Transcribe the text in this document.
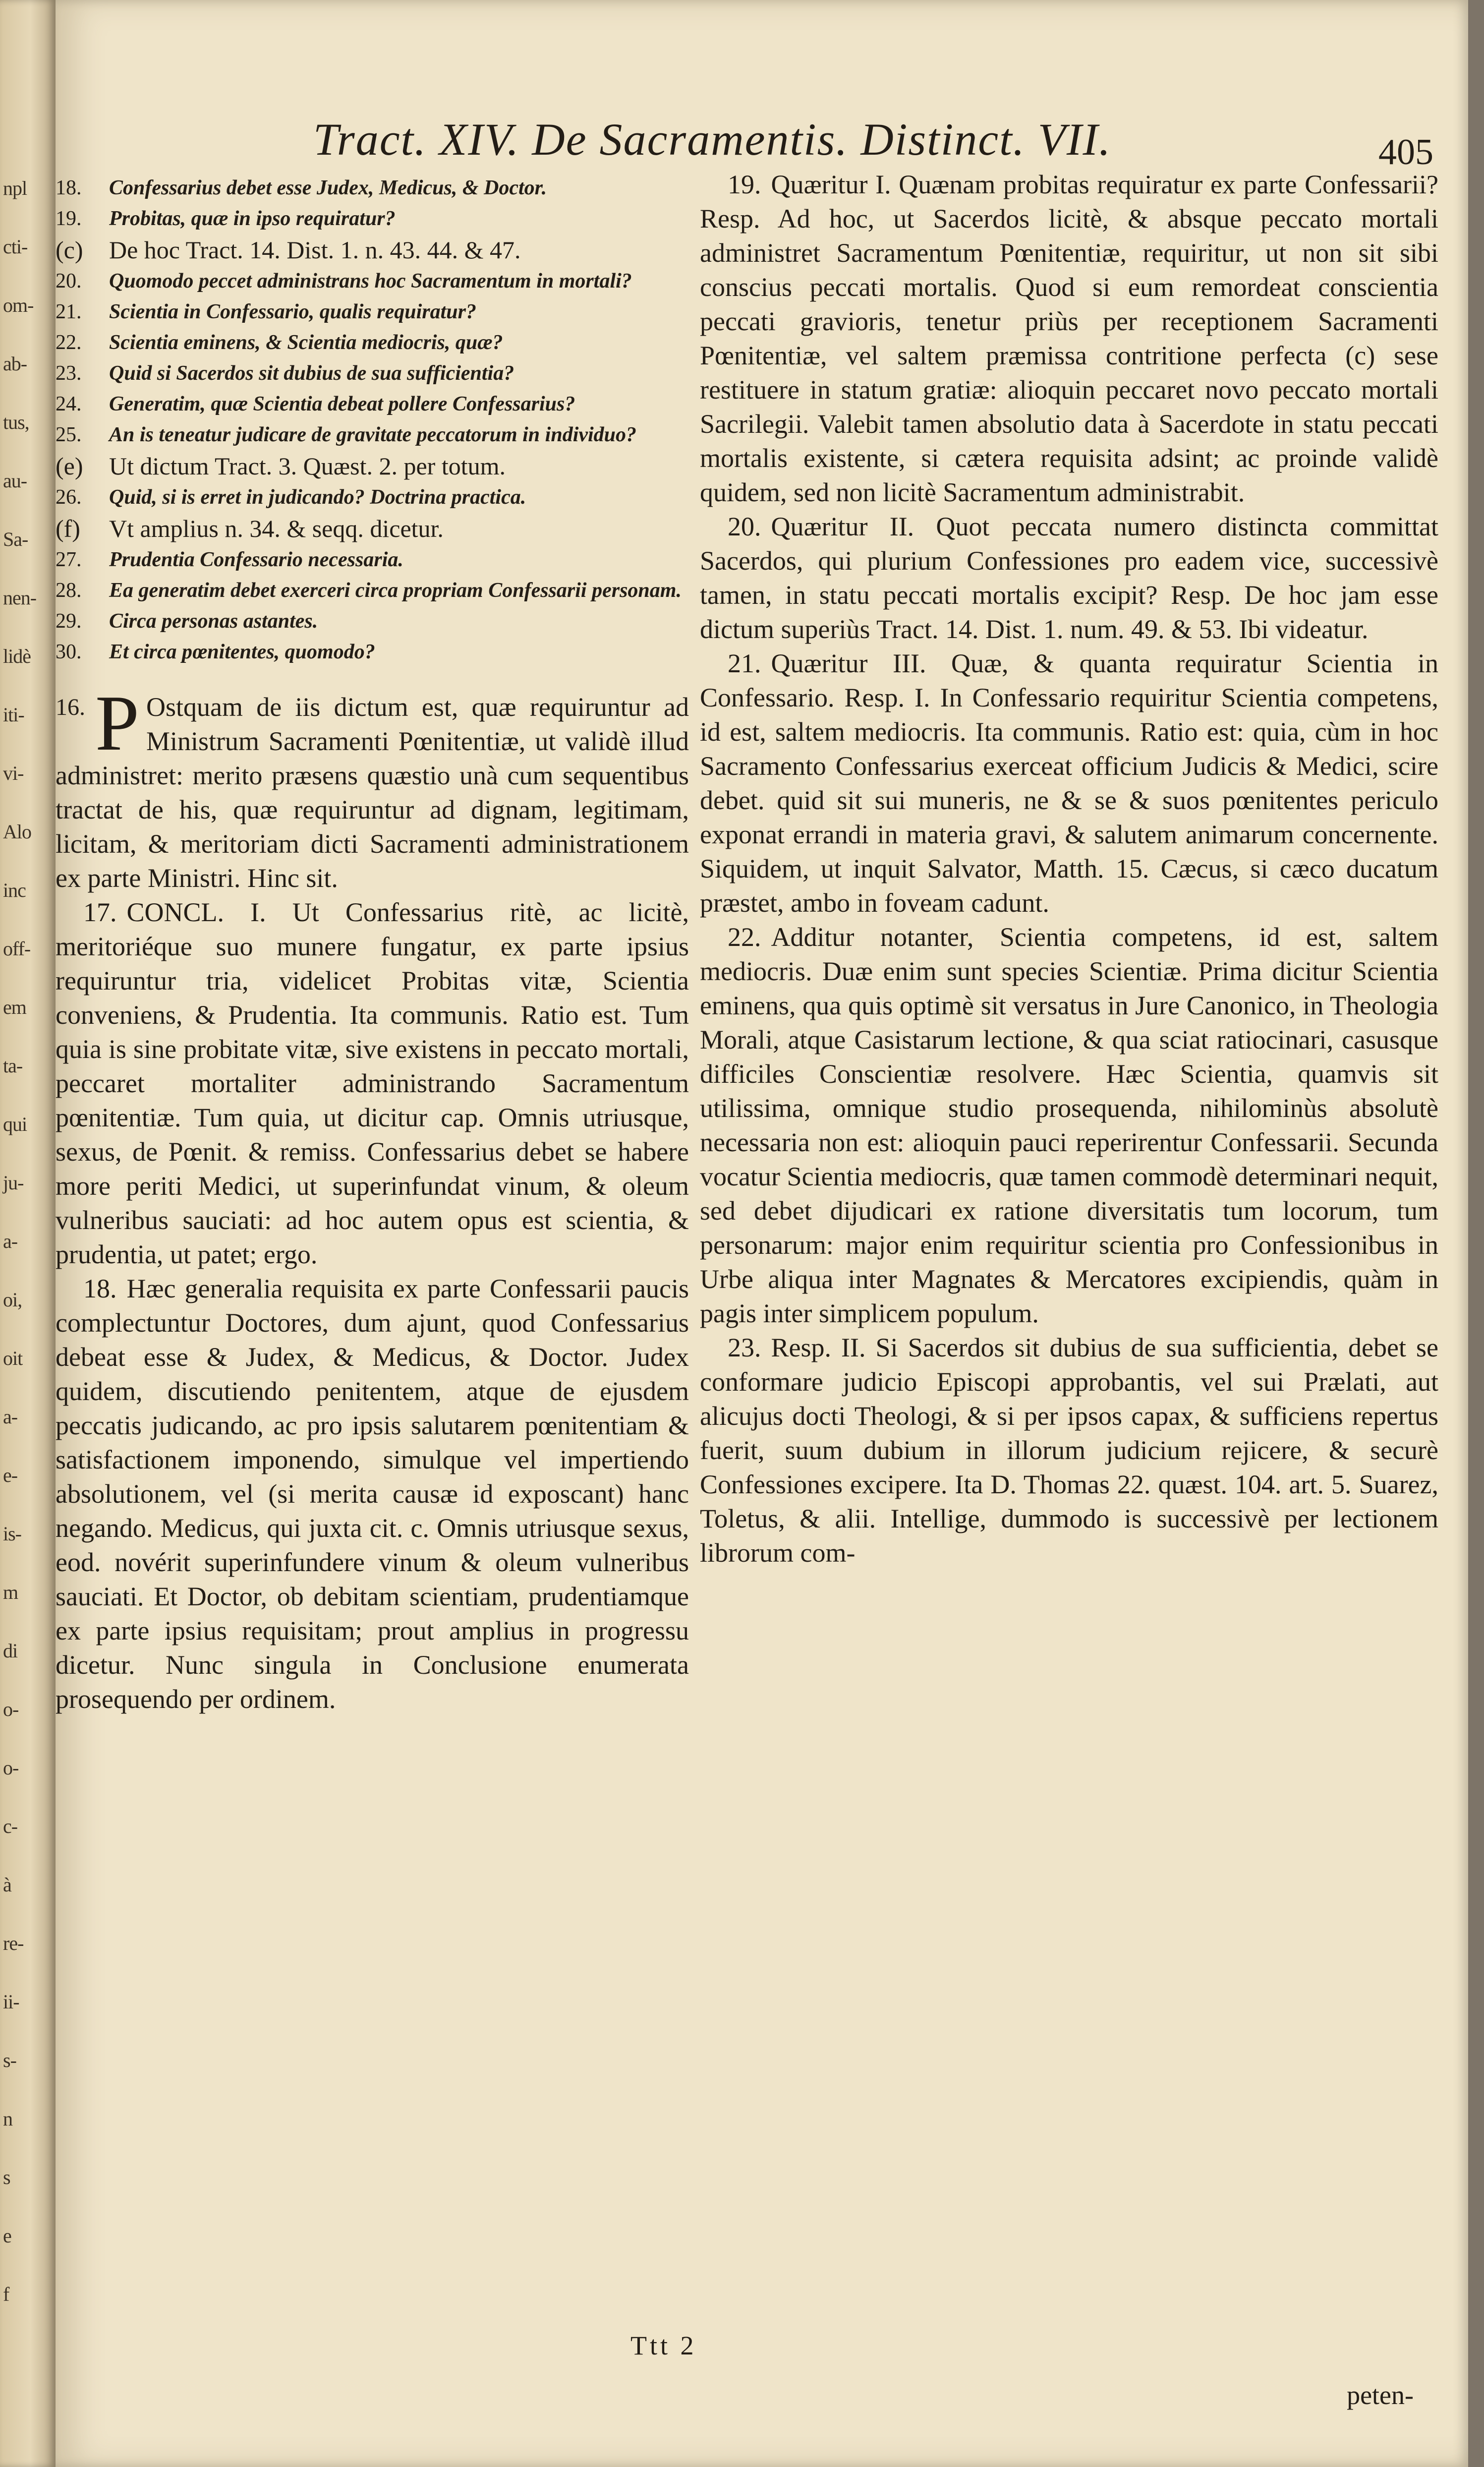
npl
cti-
om-
ab-
tus,
au-
Sa-
nen-
lidè
iti-
vi-
Alo
inc
off-
em
ta-
qui
ju-
a-
oi,
oit
a-
e-
is-
m
di
o-
o-
c-
à
re-
ii-
s-
n
s
e
f
Tract. XIV. De Sacramentis. Distinct. VII.	405
18. Confessarius debet esse Judex, Medicus, & Doctor.
19. Probitas, quæ in ipso requiratur?
(c) De hoc Tract. 14. Dist. 1. n. 43. 44. & 47.
20. Quomodo peccet administrans hoc Sacramentum in mortali?
21. Scientia in Confessario, qualis requiratur?
22. Scientia eminens, & Scientia mediocris, quæ?
23. Quid si Sacerdos sit dubius de sua sufficientia?
24. Generatim, quæ Scientia debeat pollere Confessarius?
25. An is teneatur judicare de gravitate peccatorum in individuo?
(e) Ut dictum Tract. 3. Quæst. 2. per totum.
26. Quid, si is erret in judicando? Doctrina practica.
(f) Vt amplius n. 34. & seqq. dicetur.
27. Prudentia Confessario necessaria.
28. Ea generatim debet exerceri circa propriam Confessarii personam.
29. Circa personas astantes.
30. Et circa pœnitentes, quomodo?

16. P Ostquam de iis dictum est, quæ requiruntur ad Ministrum Sacramenti Pœnitentiæ, ut validè illud administret: merito præsens quæstio unà cum sequentibus tractat de his, quæ requiruntur ad dignam, legitimam, licitam, & meritoriam dicti Sacramenti administrationem ex parte Ministri. Hinc sit.

17. CONCL. I. Ut Confessarius ritè, ac licitè, meritoriéque suo munere fungatur, ex parte ipsius requiruntur tria, videlicet Probitas vitæ, Scientia conveniens, & Prudentia. Ita communis. Ratio est. Tum quia is sine probitate vitæ, sive existens in peccato mortali, peccaret mortaliter administrando Sacramentum pœnitentiæ. Tum quia, ut dicitur cap. Omnis utriusque, sexus, de Pœnit. & remiss. Confessarius debet se habere more periti Medici, ut superinfundat vinum, & oleum vulneribus sauciati: ad hoc autem opus est scientia, & prudentia, ut patet; ergo.

18. Hæc generalia requisita ex parte Confessarii paucis complectuntur Doctores, dum ajunt, quod Confessarius debeat esse & Judex, & Medicus, & Doctor. Judex quidem, discutiendo penitentem, atque de ejusdem peccatis judicando, ac pro ipsis salutarem pœnitentiam & satisfactionem imponendo, simulque vel impertiendo absolutionem, vel (si merita causæ id exposcant) hanc negando. Medicus, qui juxta cit. c. Omnis utriusque sexus, eod. novérit superinfundere vinum & oleum vulneribus sauciati. Et Doctor, ob debitam scientiam, prudentiamque ex parte ipsius requisitam; prout amplius in progressu dicetur. Nunc singula in Conclusione enumerata prosequendo per ordinem.

19. Quæritur I. Quænam probitas requiratur ex parte Confessarii? Resp. Ad hoc, ut Sacerdos licitè, & absque peccato mortali administret Sacramentum Pœnitentiæ, requiritur, ut non sit sibi conscius peccati mortalis. Quod si eum remordeat conscientia peccati gravioris, tenetur priùs per receptionem Sacramenti Pœnitentiæ, vel saltem præmissa contritione perfecta (c) sese restituere in statum gratiæ: alioquin peccaret novo peccato mortali Sacrilegii. Valebit tamen absolutio data à Sacerdote in statu peccati mortalis existente, si cætera requisita adsint; ac proinde validè quidem, sed non licitè Sacramentum administrabit.

20. Quæritur II. Quot peccata numero distincta committat Sacerdos, qui plurium Confessiones pro eadem vice, successivè tamen, in statu peccati mortalis excipit? Resp. De hoc jam esse dictum superiùs Tract. 14. Dist. 1. num. 49. & 53. Ibi videatur.

21. Quæritur III. Quæ, & quanta requiratur Scientia in Confessario. Resp. I. In Confessario requiritur Scientia competens, id est, saltem mediocris. Ita communis. Ratio est: quia, cùm in hoc Sacramento Confessarius exerceat officium Judicis & Medici, scire debet. quid sit sui muneris, ne & se & suos pœnitentes periculo exponat errandi in materia gravi, & salutem animarum concernente. Siquidem, ut inquit Salvator, Matth. 15. Cæcus, si cæco ducatum præstet, ambo in foveam cadunt.

22. Additur notanter, Scientia competens, id est, saltem mediocris. Duæ enim sunt species Scientiæ. Prima dicitur Scientia eminens, qua quis optimè sit versatus in Jure Canonico, in Theologia Morali, atque Casistarum lectione, & qua sciat ratiocinari, casusque difficiles Conscientiæ resolvere. Hæc Scientia, quamvis sit utilissima, omnique studio prosequenda, nihilominùs absolutè necessaria non est: alioquin pauci reperirentur Confessarii. Secunda vocatur Scientia mediocris, quæ tamen commodè determinari nequit, sed debet dijudicari ex ratione diversitatis tum locorum, tum personarum: major enim requiritur scientia pro Confessionibus in Urbe aliqua inter Magnates & Mercatores excipiendis, quàm in pagis inter simplicem populum.

23. Resp. II. Si Sacerdos sit dubius de sua sufficientia, debet se conformare judicio Episcopi approbantis, vel sui Prælati, aut alicujus docti Theologi, & si per ipsos capax, & sufficiens repertus fuerit, suum dubium in illorum judicium rejicere, & securè Confessiones excipere. Ita D. Thomas 22. quæst. 104. art. 5. Suarez, Toletus, & alii. Intellige, dummodo is successivè per lectionem librorum com-

Ttt 2
peten-
